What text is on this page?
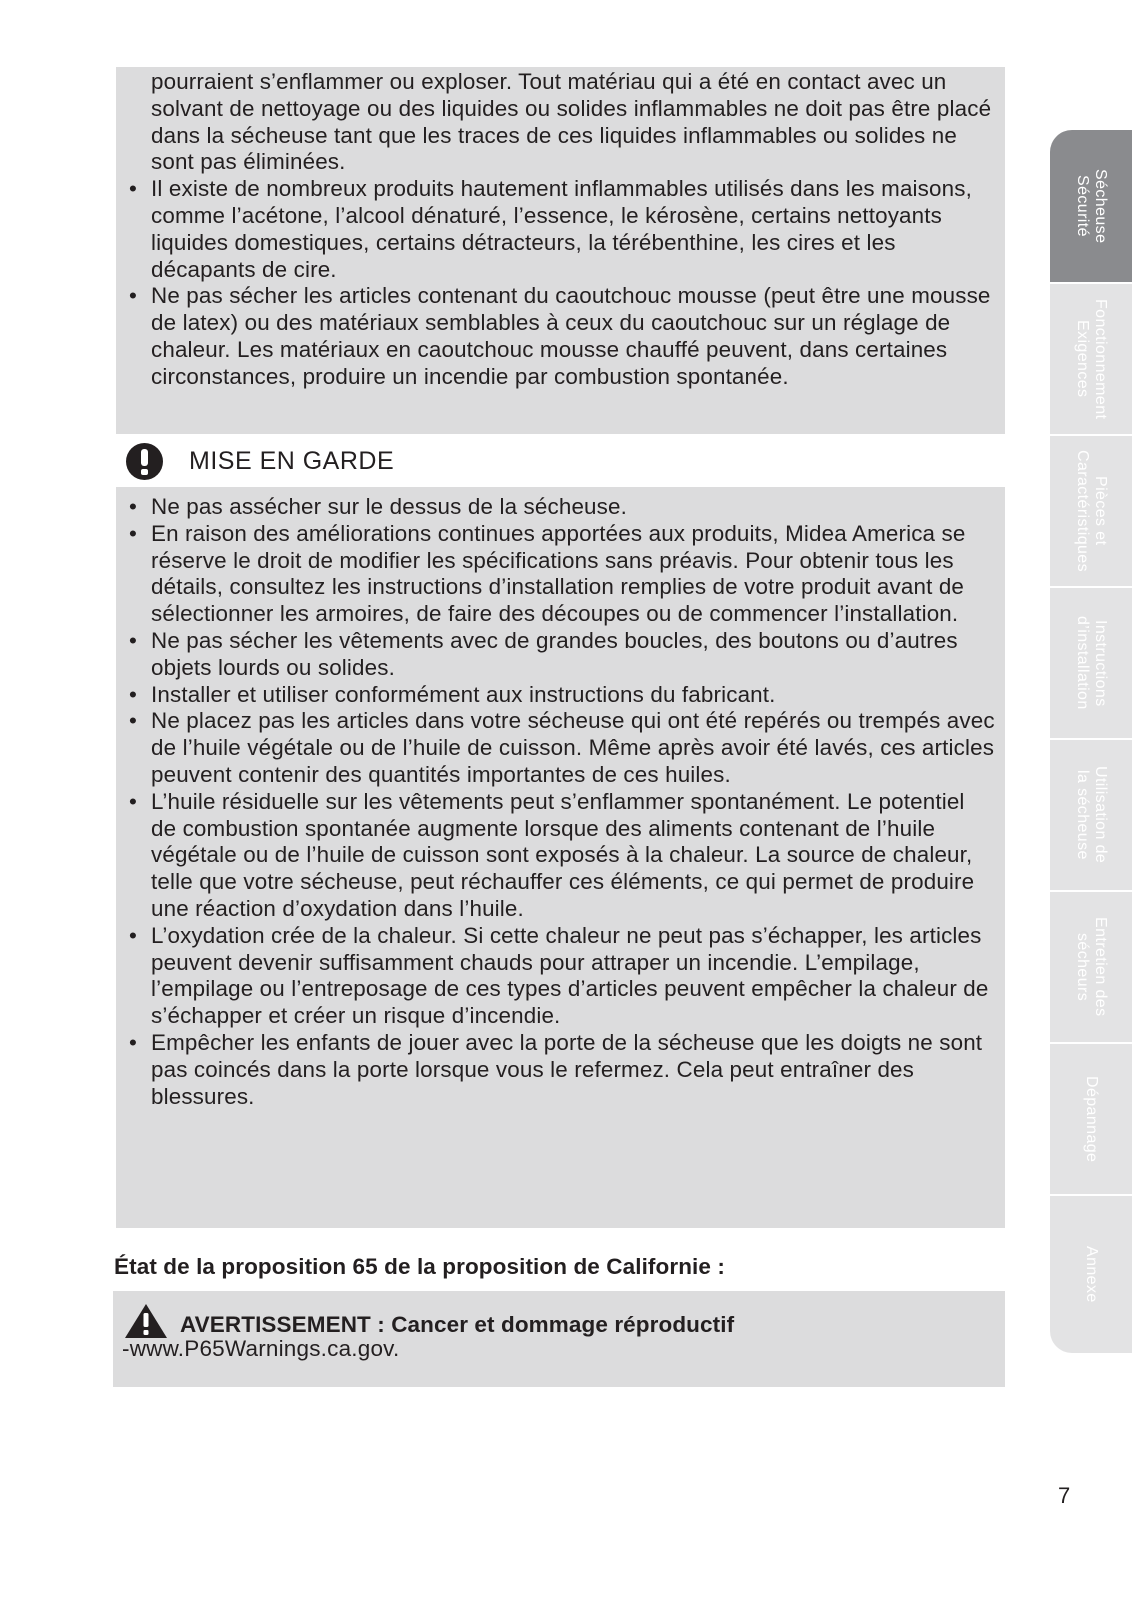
pourraient s’enflammer ou exploser. Tout matériau qui a été en contact avec un solvant de nettoyage ou des liquides ou solides inflammables ne doit pas être placé dans la sécheuse tant que les traces de ces liquides inflammables ou solides ne sont pas éliminées.
• Il existe de nombreux produits hautement inflammables utilisés dans les maisons, comme l’acétone, l’alcool dénaturé, l’essence, le kérosène, certains nettoyants liquides domestiques, certains détracteurs, la térébenthine, les cires et les décapants de cire.
• Ne pas sécher les articles contenant du caoutchouc mousse (peut être une mousse de latex) ou des matériaux semblables à ceux du caoutchouc sur un réglage de chaleur. Les matériaux en caoutchouc mousse chauffé peuvent, dans certaines circonstances, produire un incendie par combustion spontanée.
MISE EN GARDE
• Ne pas assécher sur le dessus de la sécheuse.
• En raison des améliorations continues apportées aux produits, Midea America se réserve le droit de modifier les spécifications sans préavis. Pour obtenir tous les détails, consultez les instructions d’installation remplies de votre produit avant de sélectionner les armoires, de faire des découpes ou de commencer l’installation.
• Ne pas sécher les vêtements avec de grandes boucles, des boutons ou d’autres objets lourds ou solides.
• Installer et utiliser conformément aux instructions du fabricant.
• Ne placez pas les articles dans votre sécheuse qui ont été repérés ou trempés avec de l’huile végétale ou de l’huile de cuisson. Même après avoir été lavés, ces articles peuvent contenir des quantités importantes de ces huiles.
• L’huile résiduelle sur les vêtements peut s’enflammer spontanément. Le potentiel de combustion spontanée augmente lorsque des aliments contenant de l’huile végétale ou de l’huile de cuisson sont exposés à la chaleur. La source de chaleur, telle que votre sécheuse, peut réchauffer ces éléments, ce qui permet de produire une réaction d’oxydation dans l’huile.
• L’oxydation crée de la chaleur. Si cette chaleur ne peut pas s’échapper, les articles peuvent devenir suffisamment chauds pour attraper un incendie. L’empilage, l’empilage ou l’entreposage de ces types d’articles peuvent empêcher la chaleur de s’échapper et créer un risque d’incendie.
• Empêcher les enfants de jouer avec la porte de la sécheuse que les doigts ne sont pas coincés dans la porte lorsque vous le refermez. Cela peut entraîner des blessures.
État de la proposition 65 de la proposition de Californie :
AVERTISSEMENT : Cancer et dommage réproductif
-www.P65Warnings.ca.gov.
7
Sécheuse
Sécurité
Fonctionnement
Exigences
Pièces et
Caractéristiques
Instructions
d’installation
Utilisation de
la sécheuse
Entretien des
sécheurs
Dépannage
Annexe
